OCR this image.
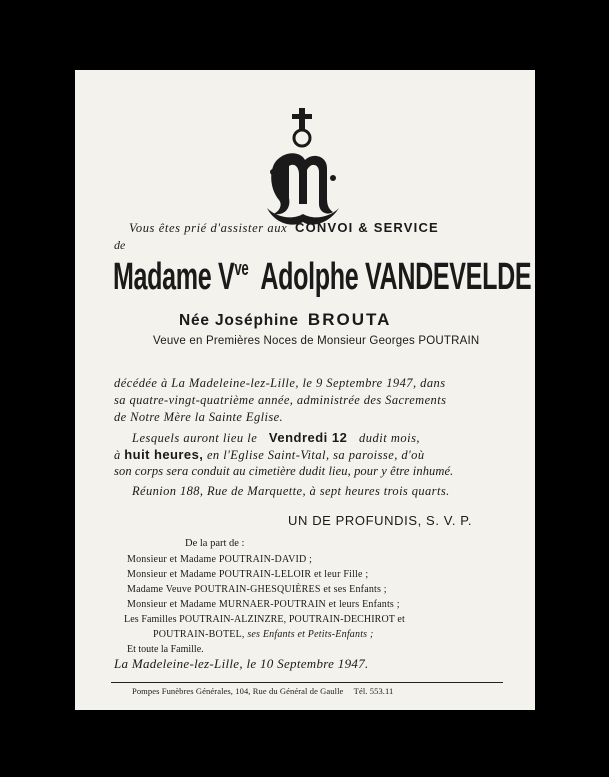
Vous êtes prié d'assister aux CONVOI & SERVICE
de
Madame $V^{ve}$ Adolphe VANDEVELDE
Née Joséphine BROUTA
Veuve en Premières Noces de Monsieur Georges POUTRAIN
décédée à La Madeleine-lez-Lille, le 9 Septembre 1947, dans
sa quatre-vingt-quatrième année, administrée des Sacrements
de Notre Mère la Sainte Eglise.
Lesquels auront lieu le Vendredi 12 dudit mois,
à huit heures, en l'Eglise Saint-Vital, sa paroisse, d'où
son corps sera conduit au cimetière dudit lieu, pour y être inhumé.
Réunion 188, Rue de Marquette, à sept heures trois quarts.
UN DE PROFUNDIS, S. V. P.
De la part de :
Monsieur et Madame POUTRAIN-DAVID ;
Monsieur et Madame POUTRAIN-LELOIR et leur Fille ;
Madame Veuve POUTRAIN-GHESQUIÈRES et ses Enfants ;
Monsieur et Madame MURNAER-POUTRAIN et leurs Enfants ;
Les Familles POUTRAIN-ALZINZRE, POUTRAIN-DECHIROT et
POUTRAIN-BOTEL, ses Enfants et Petits-Enfants ;
Et toute la Famille.
La Madeleine-lez-Lille, le 10 Septembre 1947.
Pompes Funèbres Générales, 104, Rue du Général de Gaulle Tél. 553.11
